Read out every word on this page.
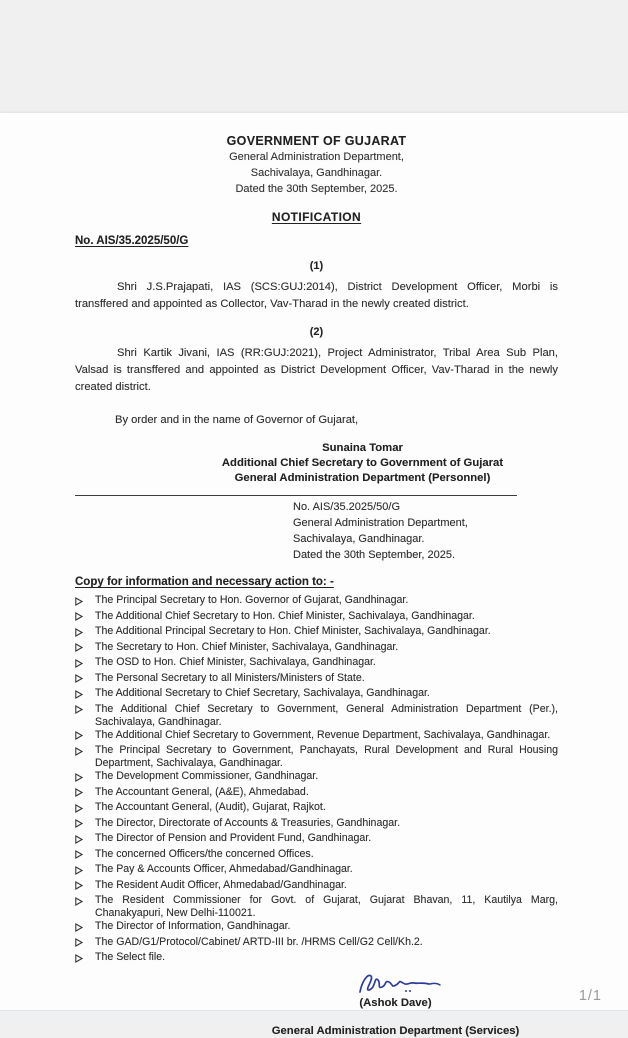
GOVERNMENT OF GUJARAT
General Administration Department,
Sachivalaya, Gandhinagar.
Dated the 30th September, 2025.
NOTIFICATION
No. AIS/35.2025/50/G
(1)
Shri J.S.Prajapati, IAS (SCS:GUJ:2014), District Development Officer, Morbi is transffered and appointed as Collector, Vav-Tharad in the newly created district.
(2)
Shri Kartik Jivani, IAS (RR:GUJ:2021), Project Administrator, Tribal Area Sub Plan, Valsad is transffered and appointed as District Development Officer, Vav-Tharad in the newly created district.
By order and in the name of Governor of Gujarat,
Sunaina Tomar
Additional Chief Secretary to Government of Gujarat
General Administration Department (Personnel)
No. AIS/35.2025/50/G
General Administration Department,
Sachivalaya, Gandhinagar.
Dated the 30th September, 2025.
Copy for information and necessary action to: -
The Principal Secretary to Hon. Governor of Gujarat, Gandhinagar.
The Additional Chief Secretary to Hon. Chief Minister, Sachivalaya, Gandhinagar.
The Additional Principal Secretary to Hon. Chief Minister, Sachivalaya, Gandhinagar.
The Secretary to Hon. Chief Minister, Sachivalaya, Gandhinagar.
The OSD to Hon. Chief Minister, Sachivalaya, Gandhinagar.
The Personal Secretary to all Ministers/Ministers of State.
The Additional Secretary to Chief Secretary, Sachivalaya, Gandhinagar.
The Additional Chief Secretary to Government, General Administration Department (Per.), Sachivalaya, Gandhinagar.
The Additional Chief Secretary to Government, Revenue Department, Sachivalaya, Gandhinagar.
The Principal Secretary to Government, Panchayats, Rural Development and Rural Housing Department, Sachivalaya, Gandhinagar.
The Development Commissioner, Gandhinagar.
The Accountant General, (A&E), Ahmedabad.
The Accountant General, (Audit), Gujarat, Rajkot.
The Director, Directorate of Accounts & Treasuries, Gandhinagar.
The Director of Pension and Provident Fund, Gandhinagar.
The concerned Officers/the concerned Offices.
The Pay & Accounts Officer, Ahmedabad/Gandhinagar.
The Resident Audit Officer, Ahmedabad/Gandhinagar.
The Resident Commissioner for Govt. of Gujarat, Gujarat Bhavan, 11, Kautilya Marg, Chanakyapuri, New Delhi-110021.
The Director of Information, Gandhinagar.
The GAD/G1/Protocol/Cabinet/ ARTD-III br. /HRMS Cell/G2 Cell/Kh.2.
The Select file.
(Ashok Dave)
General Administration Department (Services)
1/1
